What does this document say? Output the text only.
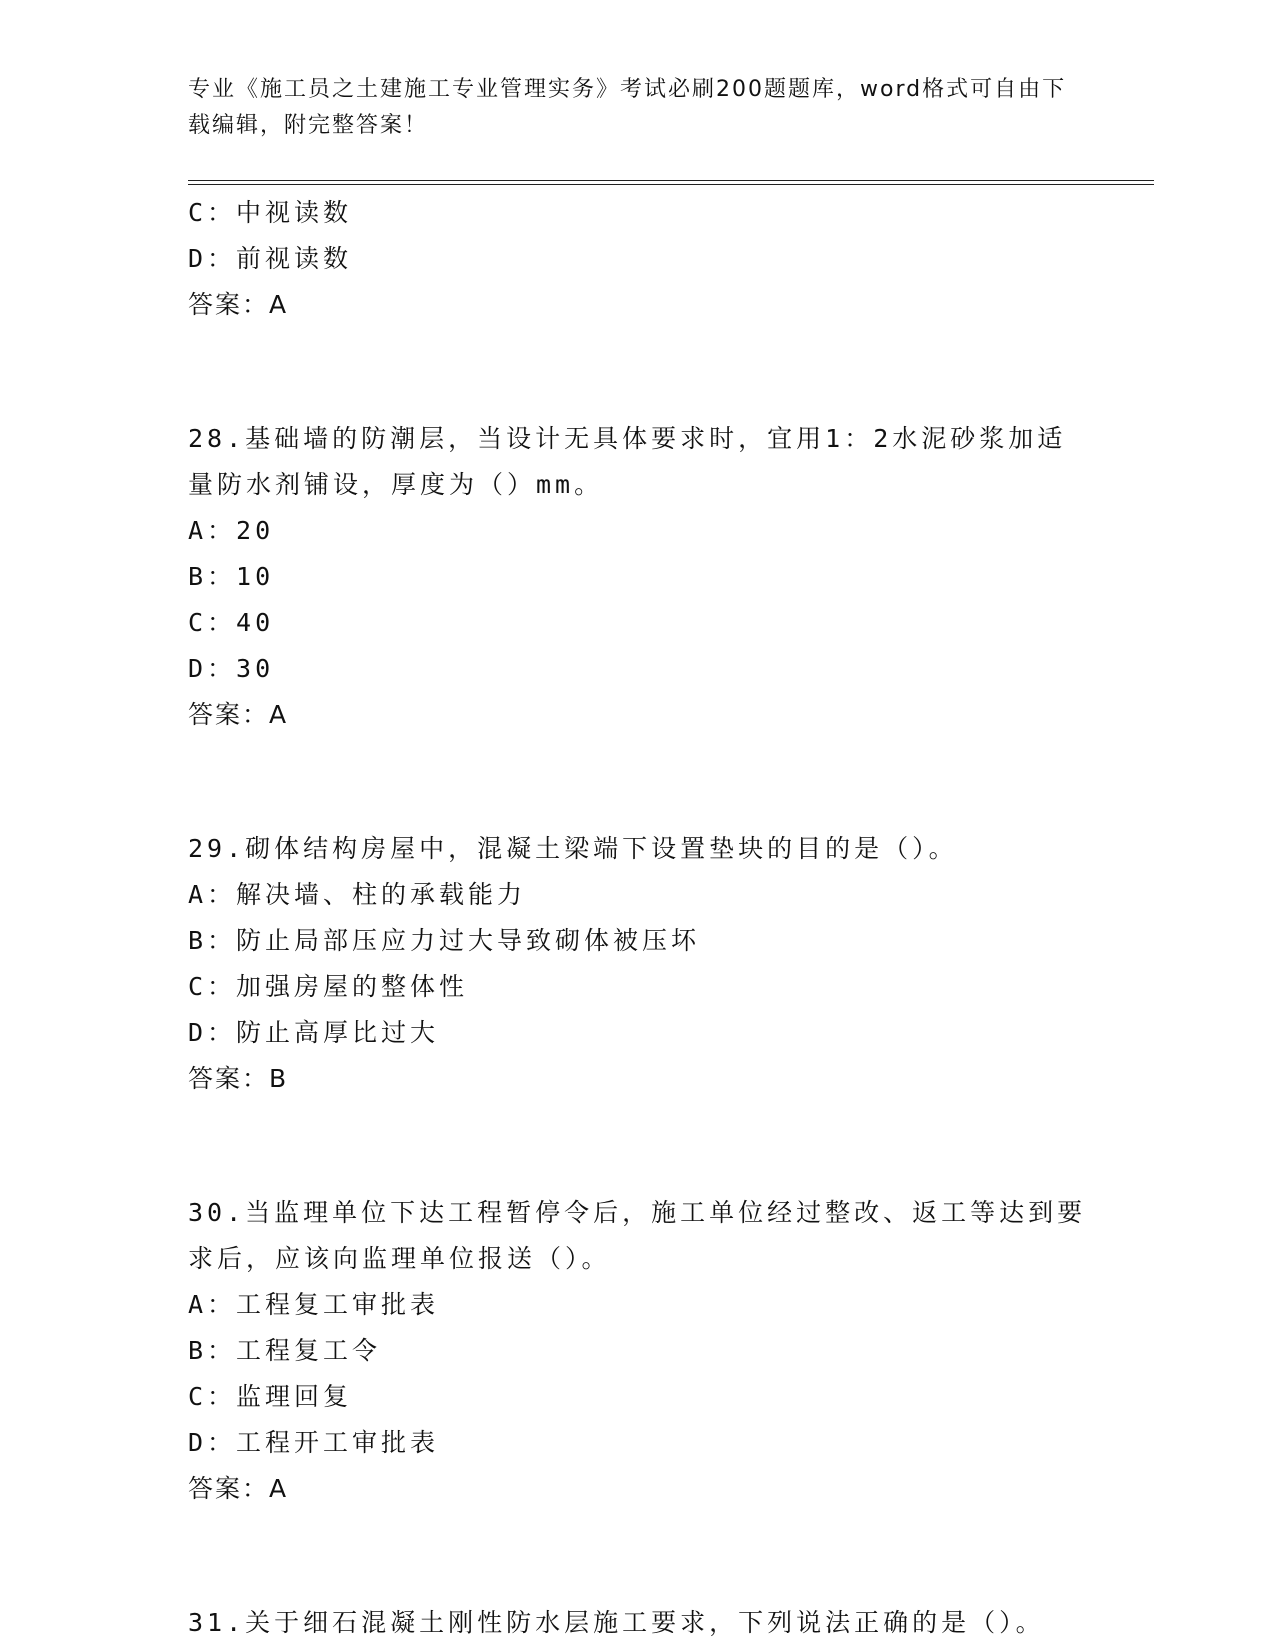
专业《施工员之土建施工专业管理实务》考试必刷200题题库，word格式可自由下载编辑，附完整答案！
C：中视读数
D：前视读数
答案：A
28.基础墙的防潮层，当设计无具体要求时，宜用1：2水泥砂浆加适
量防水剂铺设，厚度为（）mm。
A：20
B：10
C：40
D：30
答案：A
29.砌体结构房屋中，混凝土梁端下设置垫块的目的是（）。
A：解决墙、柱的承载能力
B：防止局部压应力过大导致砌体被压坏
C：加强房屋的整体性
D：防止高厚比过大
答案：B
30.当监理单位下达工程暂停令后，施工单位经过整改、返工等达到要
求后，应该向监理单位报送（）。
A：工程复工审批表
B：工程复工令
C：监理回复
D：工程开工审批表
答案：A
31.关于细石混凝土刚性防水层施工要求，下列说法正确的是（）。
